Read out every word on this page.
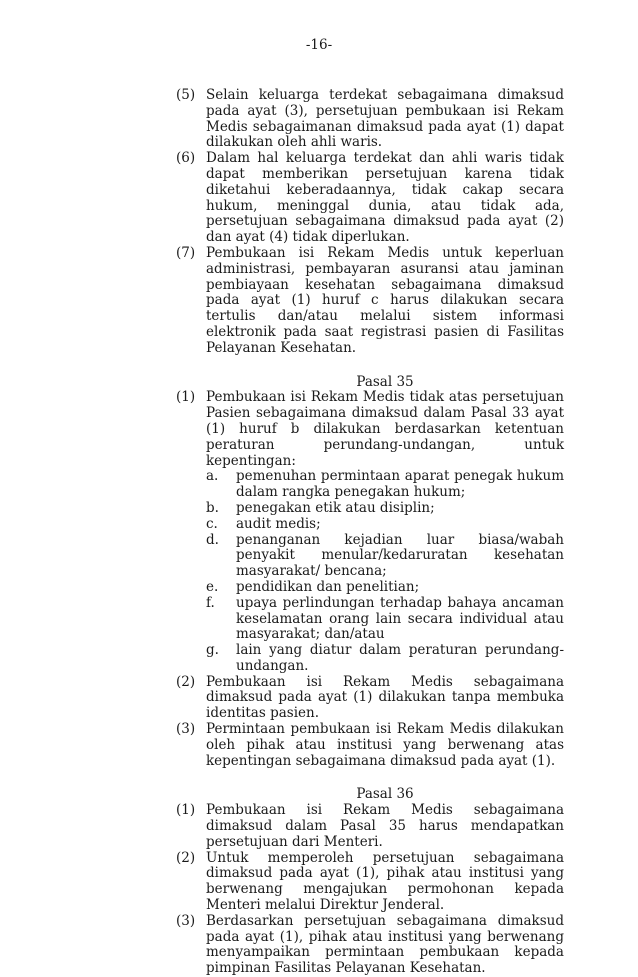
-16-
(5) Selain keluarga terdekat sebagaimana dimaksud pada ayat (3), persetujuan pembukaan isi Rekam Medis sebagaimanan dimaksud pada ayat (1) dapat dilakukan oleh ahli waris.
(6) Dalam hal keluarga terdekat dan ahli waris tidak dapat memberikan persetujuan karena tidak diketahui keberadaannya, tidak cakap secara hukum, meninggal dunia, atau tidak ada, persetujuan sebagaimana dimaksud pada ayat (2) dan ayat (4) tidak diperlukan.
(7) Pembukaan isi Rekam Medis untuk keperluan administrasi, pembayaran asuransi atau jaminan pembiayaan kesehatan sebagaimana dimaksud pada ayat (1) huruf c harus dilakukan secara tertulis dan/atau melalui sistem informasi elektronik pada saat registrasi pasien di Fasilitas Pelayanan Kesehatan.
Pasal 35
(1) Pembukaan isi Rekam Medis tidak atas persetujuan Pasien sebagaimana dimaksud dalam Pasal 33 ayat (1) huruf b dilakukan berdasarkan ketentuan peraturan perundang-undangan, untuk kepentingan:
a.	pemenuhan permintaan aparat penegak hukum dalam rangka penegakan hukum;
b.	penegakan etik atau disiplin;
c.	audit medis;
d.	penanganan kejadian luar biasa/wabah penyakit menular/kedaruratan kesehatan masyarakat/ bencana;
e.	pendidikan dan penelitian;
f.	upaya perlindungan terhadap bahaya ancaman keselamatan orang lain secara individual atau masyarakat; dan/atau
g.	lain yang diatur dalam peraturan perundang-undangan.
(2) Pembukaan isi Rekam Medis sebagaimana dimaksud pada ayat (1) dilakukan tanpa membuka identitas pasien.
(3) Permintaan pembukaan isi Rekam Medis dilakukan oleh pihak atau institusi yang berwenang atas kepentingan sebagaimana dimaksud pada ayat (1).
Pasal 36
(1) Pembukaan isi Rekam Medis sebagaimana dimaksud dalam Pasal 35 harus mendapatkan persetujuan dari Menteri.
(2) Untuk memperoleh persetujuan sebagaimana dimaksud pada ayat (1), pihak atau institusi yang berwenang mengajukan permohonan kepada Menteri melalui Direktur Jenderal.
(3) Berdasarkan persetujuan sebagaimana dimaksud pada ayat (1), pihak atau institusi yang berwenang menyampaikan permintaan pembukaan kepada pimpinan Fasilitas Pelayanan Kesehatan.
